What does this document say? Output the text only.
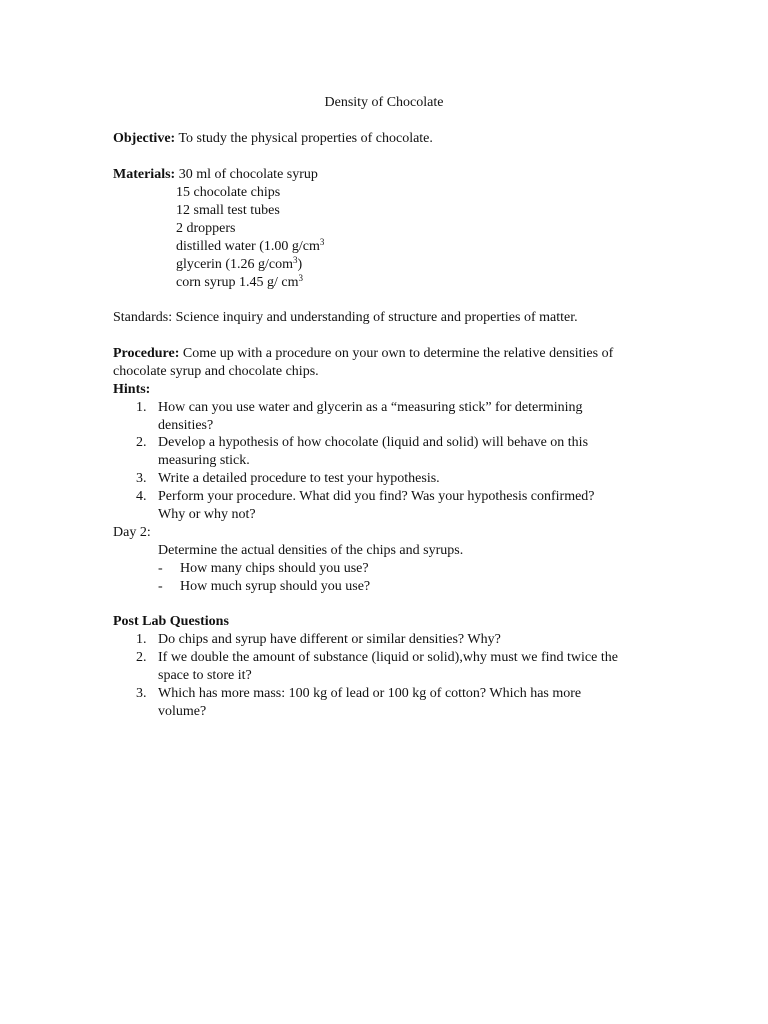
Density of Chocolate
Objective: To study the physical properties of chocolate.
Materials: 30 ml of chocolate syrup
15 chocolate chips
12 small test tubes
2 droppers
distilled water (1.00 $g/cm^3$
glycerin (1.26 g/com$^3$)
corn syrup 1.45 g/ $cm^3$
Standards: Science inquiry and understanding of structure and properties of matter.
Procedure: Come up with a procedure on your own to determine the relative densities of
chocolate syrup and chocolate chips.
Hints:
1. How can you use water and glycerin as a “measuring stick” for determining
densities?
2. Develop a hypothesis of how chocolate (liquid and solid) will behave on this
measuring stick.
3. Write a detailed procedure to test your hypothesis.
4. Perform your procedure. What did you find? Was your hypothesis confirmed?
Why or why not?
Day 2:
Determine the actual densities of the chips and syrups.
- How many chips should you use?
- How much syrup should you use?
Post Lab Questions
1. Do chips and syrup have different or similar densities? Why?
2. If we double the amount of substance (liquid or solid),why must we find twice the
space to store it?
3. Which has more mass: 100 kg of lead or 100 kg of cotton? Which has more
volume?
